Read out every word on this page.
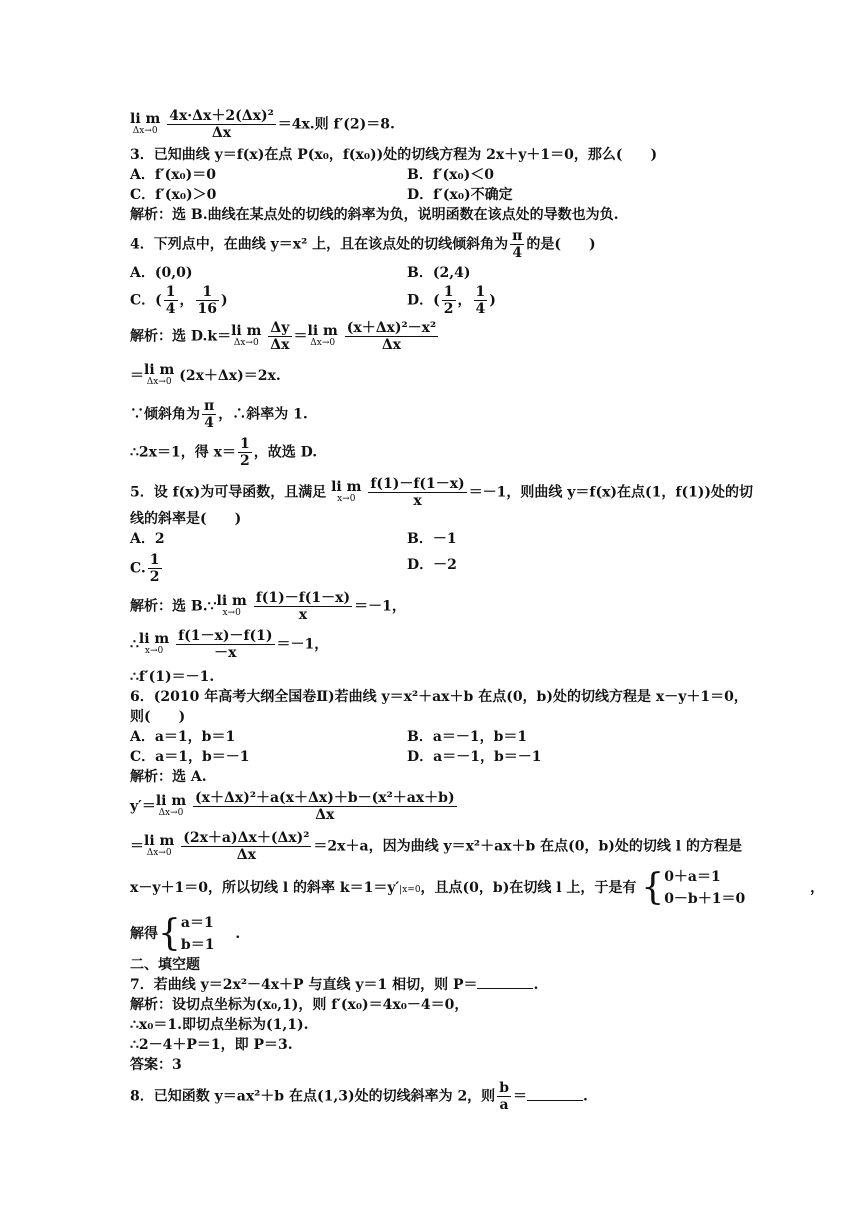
li m
Δx→0
$\frac{\text{4x·Δx＋2(Δx)²}}{\Delta x} =4x$.则 f′(2)＝8.
3．已知曲线 y＝f(x)在点 P(x₀，f(x₀))处的切线方程为 2x＋y＋1＝0，那么(　　)
A．f′(x₀)＝0	B．f′(x₀)＜0
C．f′(x₀)＞0	D．f′(x₀)不确定
解析：选 B.曲线在某点处的切线的斜率为负，说明函数在该点处的导数也为负.
4．下列点中，在曲线 y＝x² 上，且在该点处的切线倾斜角为 $\frac{\pi}{4}$ 的是(　　)
A．(0,0)	B．(2,4)
C．( $\frac{1}{4}$ ， $\frac{1}{16}$ )	D．( $\frac{1}{2}$ ， $\frac{1}{4}$ )
解析：选 D.k＝ li m
Δx→0
$\frac{\Delta y}{\Delta x}$ ＝ li m
Δx→0
$\frac{\text{(x＋Δx)²－x²}}{\Delta x}$
＝ li m
Δx→0 (2x＋Δx)＝2x.
∵倾斜角为 $\frac{\pi}{4}$ ，∴斜率为 1.
∴2x＝1，得 $x= \frac{1}{2}$ ，故选 D.
5．设 f(x)为可导函数，且满足 li m
x→0
$\frac{f(1)-f(1-x)}{x} =-1$，则曲线 y＝f(x)在点(1，f(1))处的切
线的斜率是(　　)
A．2	B．－1
C. $\frac{1}{2}$	D．－2
解析：选 B.∵ li m
x→0
$\frac{f(1)-f(1-x)}{x} =-1$，
∴ li m
x→0
$\frac{f(1-x)-f(1)}{-x} =-1$，
∴f′(1)＝－1.
6．(2010 年高考大纲全国卷Ⅱ)若曲线 y＝x²＋ax＋b 在点(0，b)处的切线方程是 x－y＋1＝0，
则(　　)
A．a＝1，b＝1	B．a＝－1，b＝1
C．a＝1，b＝－1	D．a＝－1，b＝－1
解析：选 A.
y′＝ li m
Δx→0
$\frac{\text{(x＋Δx)²＋a(x＋Δx)＋b－(x²＋ax＋b)}}{\Delta x}$
＝ li m
Δx→0
$\frac{\text{(2x＋a)Δx＋(Δx)²}}{\Delta x} =2x+a$，因为曲线 y＝x²＋ax＋b 在点(0，b)处的切线 l 的方程是
x－y＋1＝0，所以切线 l 的斜率 k＝1＝y′|x=0，且点(0，b)在切线 l 上，于是有 { 0＋a＝1
0－b＋1＝0
，
解得{ a＝1
b＝1
.
二、填空题
7．若曲线 y＝2x²－4x＋P 与直线 y＝1 相切，则 P＝	.
解析：设切点坐标为(x₀,1)，则 f′(x₀)＝4x₀－4＝0，
∴x₀＝1.即切点坐标为(1,1).
∴2－4＋P＝1，即 P＝3.
答案：3
8．已知函数 y＝ax²＋b 在点(1,3)处的切线斜率为 2，则 $\frac{b}{a}$ ＝	.
